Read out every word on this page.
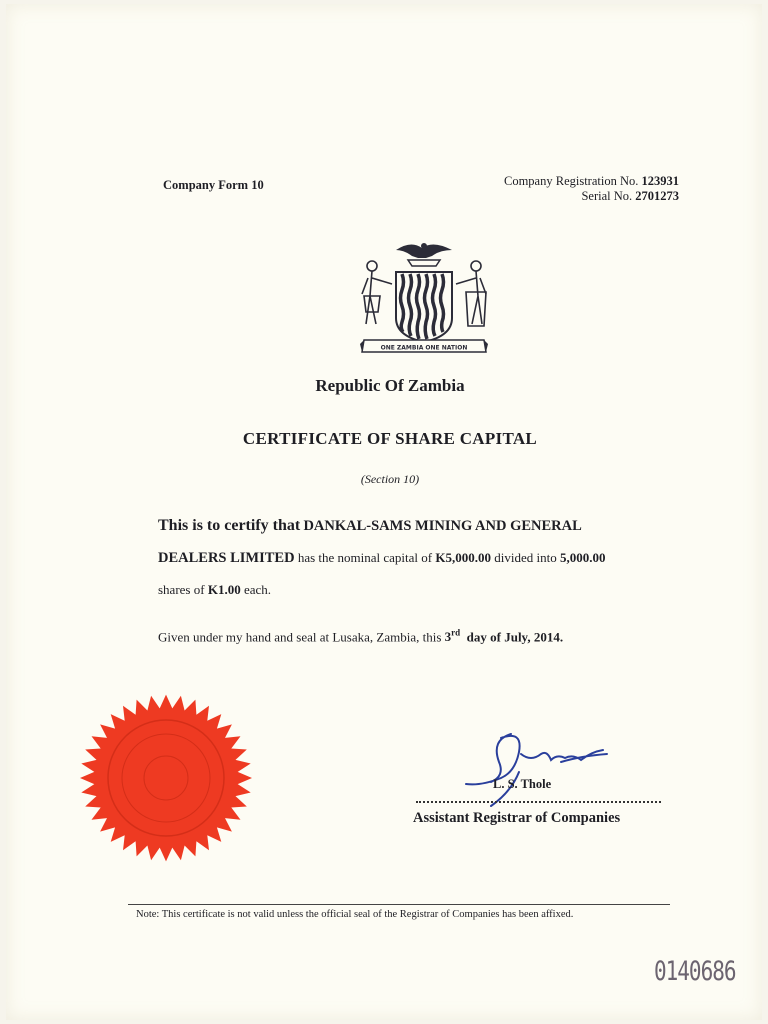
Company Form 10	Company Registration No. 123931
Serial No. 2701273
ONE ZAMBIA ONE NATION
Republic Of Zambia
CERTIFICATE OF SHARE CAPITAL
(Section 10)
This is to certify that DANKAL-SAMS MINING AND GENERAL
DEALERS LIMITED has the nominal capital of K5,000.00 divided into 5,000.00
shares of K1.00 each.
Given under my hand and seal at Lusaka, Zambia, this 3rd day of July, 2014.
L. S. Thole
Assistant Registrar of Companies
Note: This certificate is not valid unless the official seal of the Registrar of Companies has been affixed.
0140686
